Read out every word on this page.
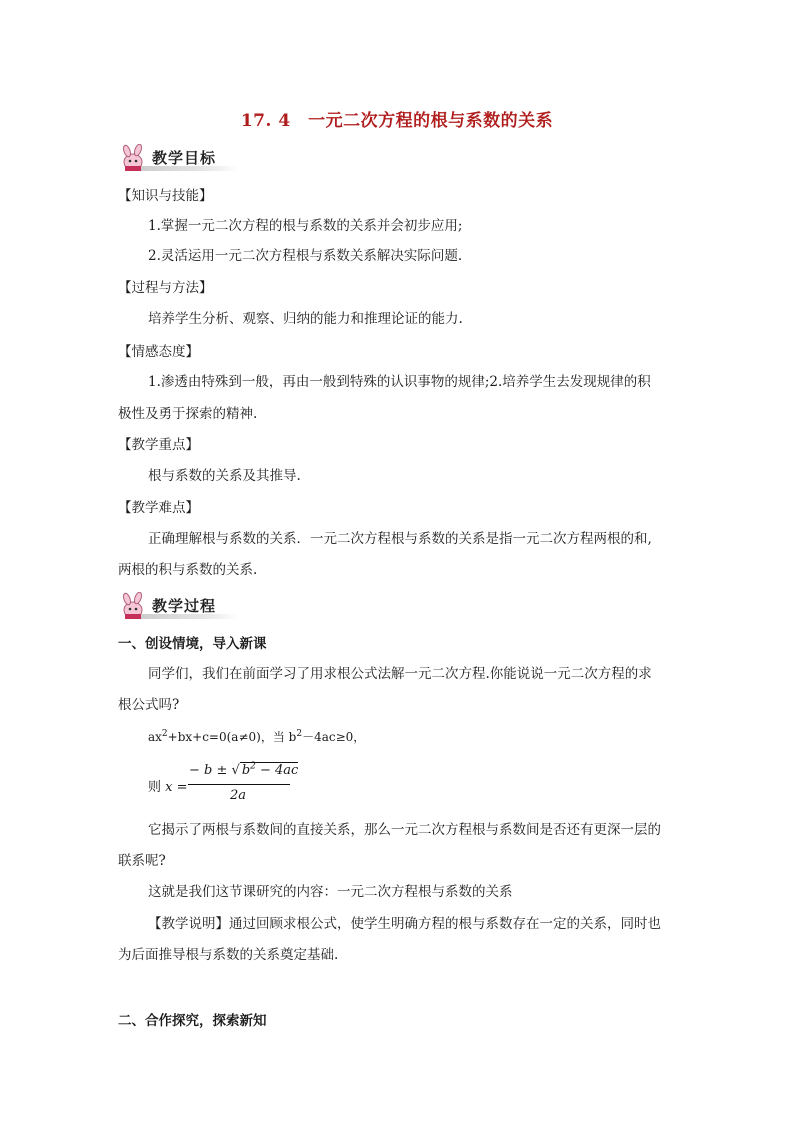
17. 4　一元二次方程的根与系数的关系
教学目标
【知识与技能】
1.掌握一元二次方程的根与系数的关系并会初步应用;
2.灵活运用一元二次方程根与系数关系解决实际问题.
【过程与方法】
培养学生分析、观察、归纳的能力和推理论证的能力.
【情感态度】
1.渗透由特殊到一般，再由一般到特殊的认识事物的规律;2.培养学生去发现规律的积
极性及勇于探索的精神.
【教学重点】
根与系数的关系及其推导.
【教学难点】
正确理解根与系数的关系．一元二次方程根与系数的关系是指一元二次方程两根的和,
两根的积与系数的关系.
教学过程
一、创设情境，导入新课
同学们，我们在前面学习了用求根公式法解一元二次方程.你能说说一元二次方程的求
根公式吗?
$ax^2+bx+c=0(a\ne 0)$，当 $b^2-4ac\ge 0$，
则 x =
− b ± √ $b^2 - 4ac$
2a
它揭示了两根与系数间的直接关系，那么一元二次方程根与系数间是否还有更深一层的
联系呢?
这就是我们这节课研究的内容：一元二次方程根与系数的关系
【教学说明】通过回顾求根公式，使学生明确方程的根与系数存在一定的关系，同时也
为后面推导根与系数的关系奠定基础.
二、合作探究，探索新知
